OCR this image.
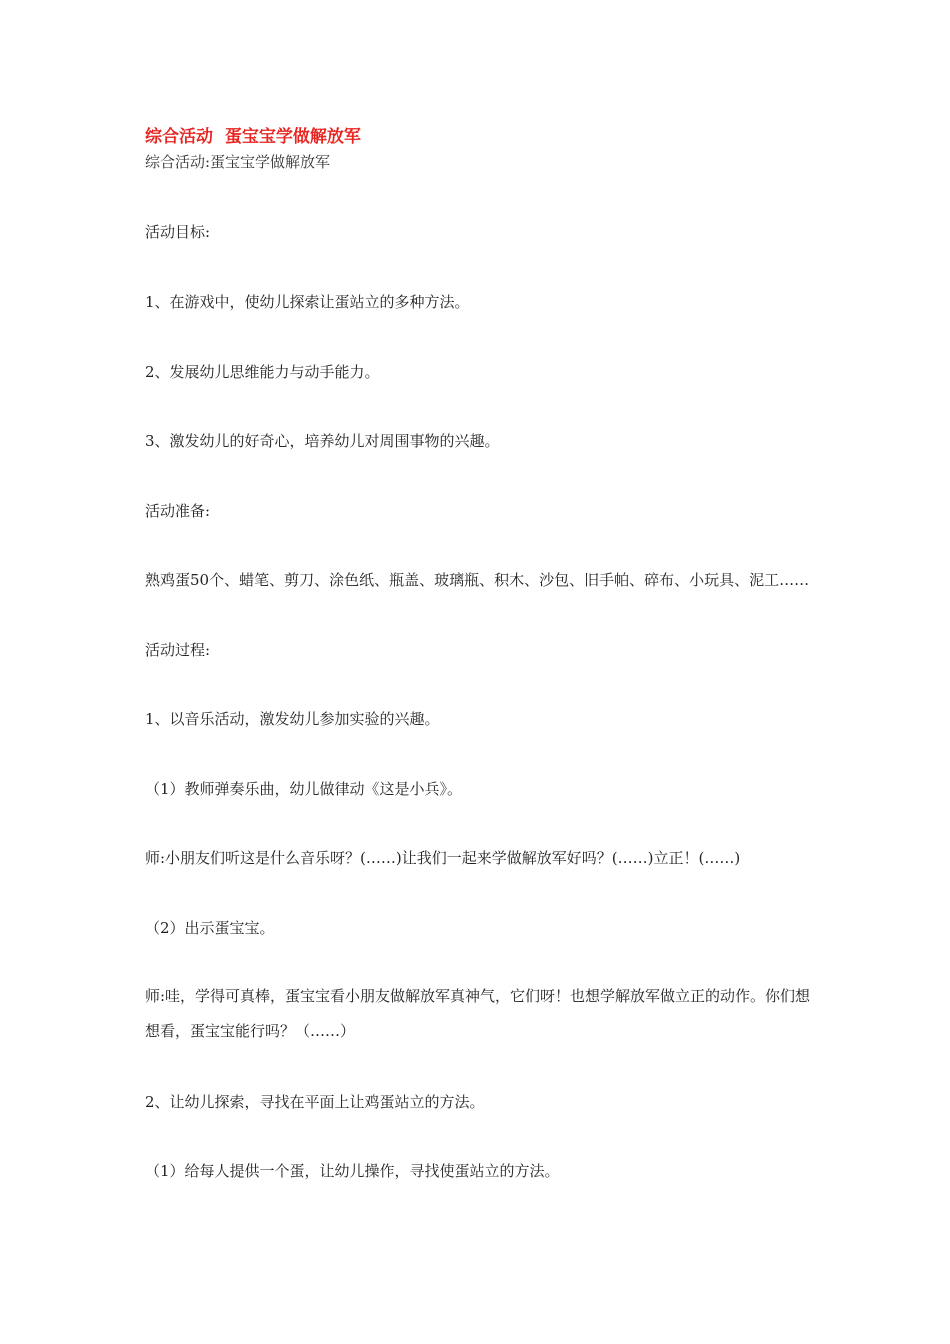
综合活动  蛋宝宝学做解放军
综合活动:蛋宝宝学做解放军
活动目标:
1、在游戏中，使幼儿探索让蛋站立的多种方法。
2、发展幼儿思维能力与动手能力。
3、激发幼儿的好奇心，培养幼儿对周围事物的兴趣。
活动准备:
熟鸡蛋50个、蜡笔、剪刀、涂色纸、瓶盖、玻璃瓶、积木、沙包、旧手帕、碎布、小玩具、泥工……
活动过程:
1、以音乐活动，激发幼儿参加实验的兴趣。
（1）教师弹奏乐曲，幼儿做律动《这是小兵》。
师:小朋友们听这是什么音乐呀？(……)让我们一起来学做解放军好吗？(……)立正！(……)
（2）出示蛋宝宝。
师:哇，学得可真棒，蛋宝宝看小朋友做解放军真神气，它们呀！也想学解放军做立正的动作。你们想想看，蛋宝宝能行吗？（……）
2、让幼儿探索，寻找在平面上让鸡蛋站立的方法。
（1）给每人提供一个蛋，让幼儿操作，寻找使蛋站立的方法。
